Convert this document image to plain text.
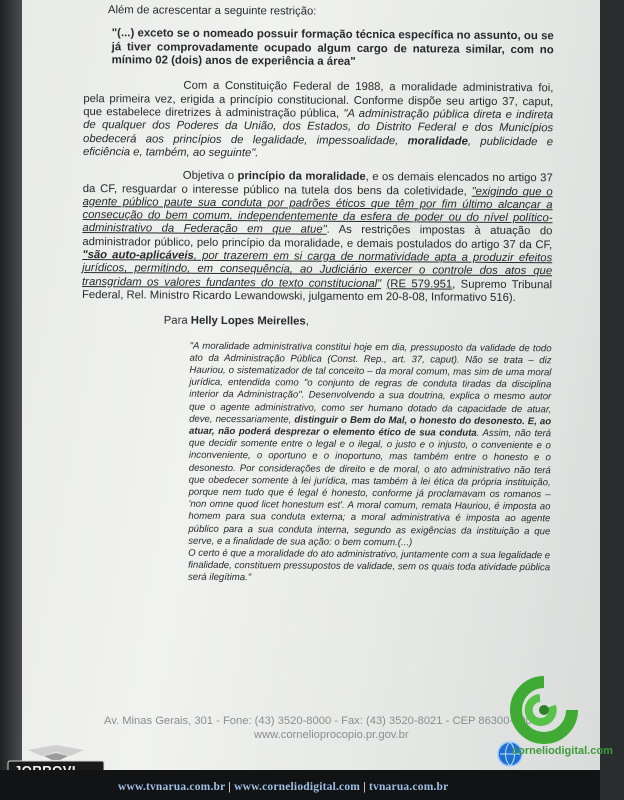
Além de acrescentar a seguinte restrição:

"(...) exceto se o nomeado possuir formação técnica específica no assunto, ou se já tiver comprovadamente ocupado algum cargo de natureza similar, com no mínimo 02 (dois) anos de experiência a área"

Com a Constituição Federal de 1988, a moralidade administrativa foi, pela primeira vez, erigida a princípio constitucional. Conforme dispõe seu artigo 37, caput, que estabelece diretrizes à administração pública, "A administração pública direta e indireta de qualquer dos Poderes da União, dos Estados, do Distrito Federal e dos Municípios obedecerá aos princípios de legalidade, impessoalidade, moralidade, publicidade e eficiência e, também, ao seguinte".

Objetiva o princípio da moralidade, e os demais elencados no artigo 37 da CF, resguardar o interesse público na tutela dos bens da coletividade, "exigindo que o agente público paute sua conduta por padrões éticos que têm por fim último alcançar a consecução do bem comum, independentemente da esfera de poder ou do nível político-administrativo da Federação em que atue". As restrições impostas à atuação do administrador público, pelo princípio da moralidade, e demais postulados do artigo 37 da CF, "são auto-aplicáveis, por trazerem em si carga de normatividade apta a produzir efeitos jurídicos, permitindo, em consequência, ao Judiciário exercer o controle dos atos que transgridam os valores fundantes do texto constitucional" (RE 579.951, Supremo Tribunal Federal, Rel. Ministro Ricardo Lewandowski, julgamento em 20-8-08, Informativo 516).

Para Helly Lopes Meirelles,

"A moralidade administrativa constitui hoje em dia, pressuposto da validade de todo ato da Administração Pública (Const. Rep., art. 37, caput). Não se trata – diz Hauriou, o sistematizador de tal conceito – da moral comum, mas sim de uma moral jurídica, entendida como "o conjunto de regras de conduta tiradas da disciplina interior da Administração". Desenvolvendo a sua doutrina, explica o mesmo autor que o agente administrativo, como ser humano dotado da capacidade de atuar, deve, necessariamente, distinguir o Bem do Mal, o honesto do desonesto. E, ao atuar, não poderá desprezar o elemento ético de sua conduta. Assim, não terá que decidir somente entre o legal e o ilegal, o justo e o injusto, o conveniente e o inconveniente, o oportuno e o inoportuno, mas também entre o honesto e o desonesto. Por considerações de direito e de moral, o ato administrativo não terá que obedecer somente à lei jurídica, mas também à lei ética da própria instituição, porque nem tudo que é legal é honesto, conforme já proclamavam os romanos – 'non omne quod licet honestum est'. A moral comum, remata Hauriou, é imposta ao homem para sua conduta externa; a moral administrativa é imposta ao agente público para a sua conduta interna, segundo as exigências da instituição a que serve, e a finalidade de sua ação: o bem comum.(...)
O certo é que a moralidade do ato administrativo, juntamente com a sua legalidade e finalidade, constituem pressupostos de validade, sem os quais toda atividade pública será ilegítima."

Av. Minas Gerais, 301 - Fone: (43) 3520-8000 - Fax: (43) 3520-8021 - CEP 86300-000
www.cornelioprocopio.pr.gov.br
corneliodigital.com
www.tvnarua.com.br | www.corneliodigital.com | tvnarua.com.br
